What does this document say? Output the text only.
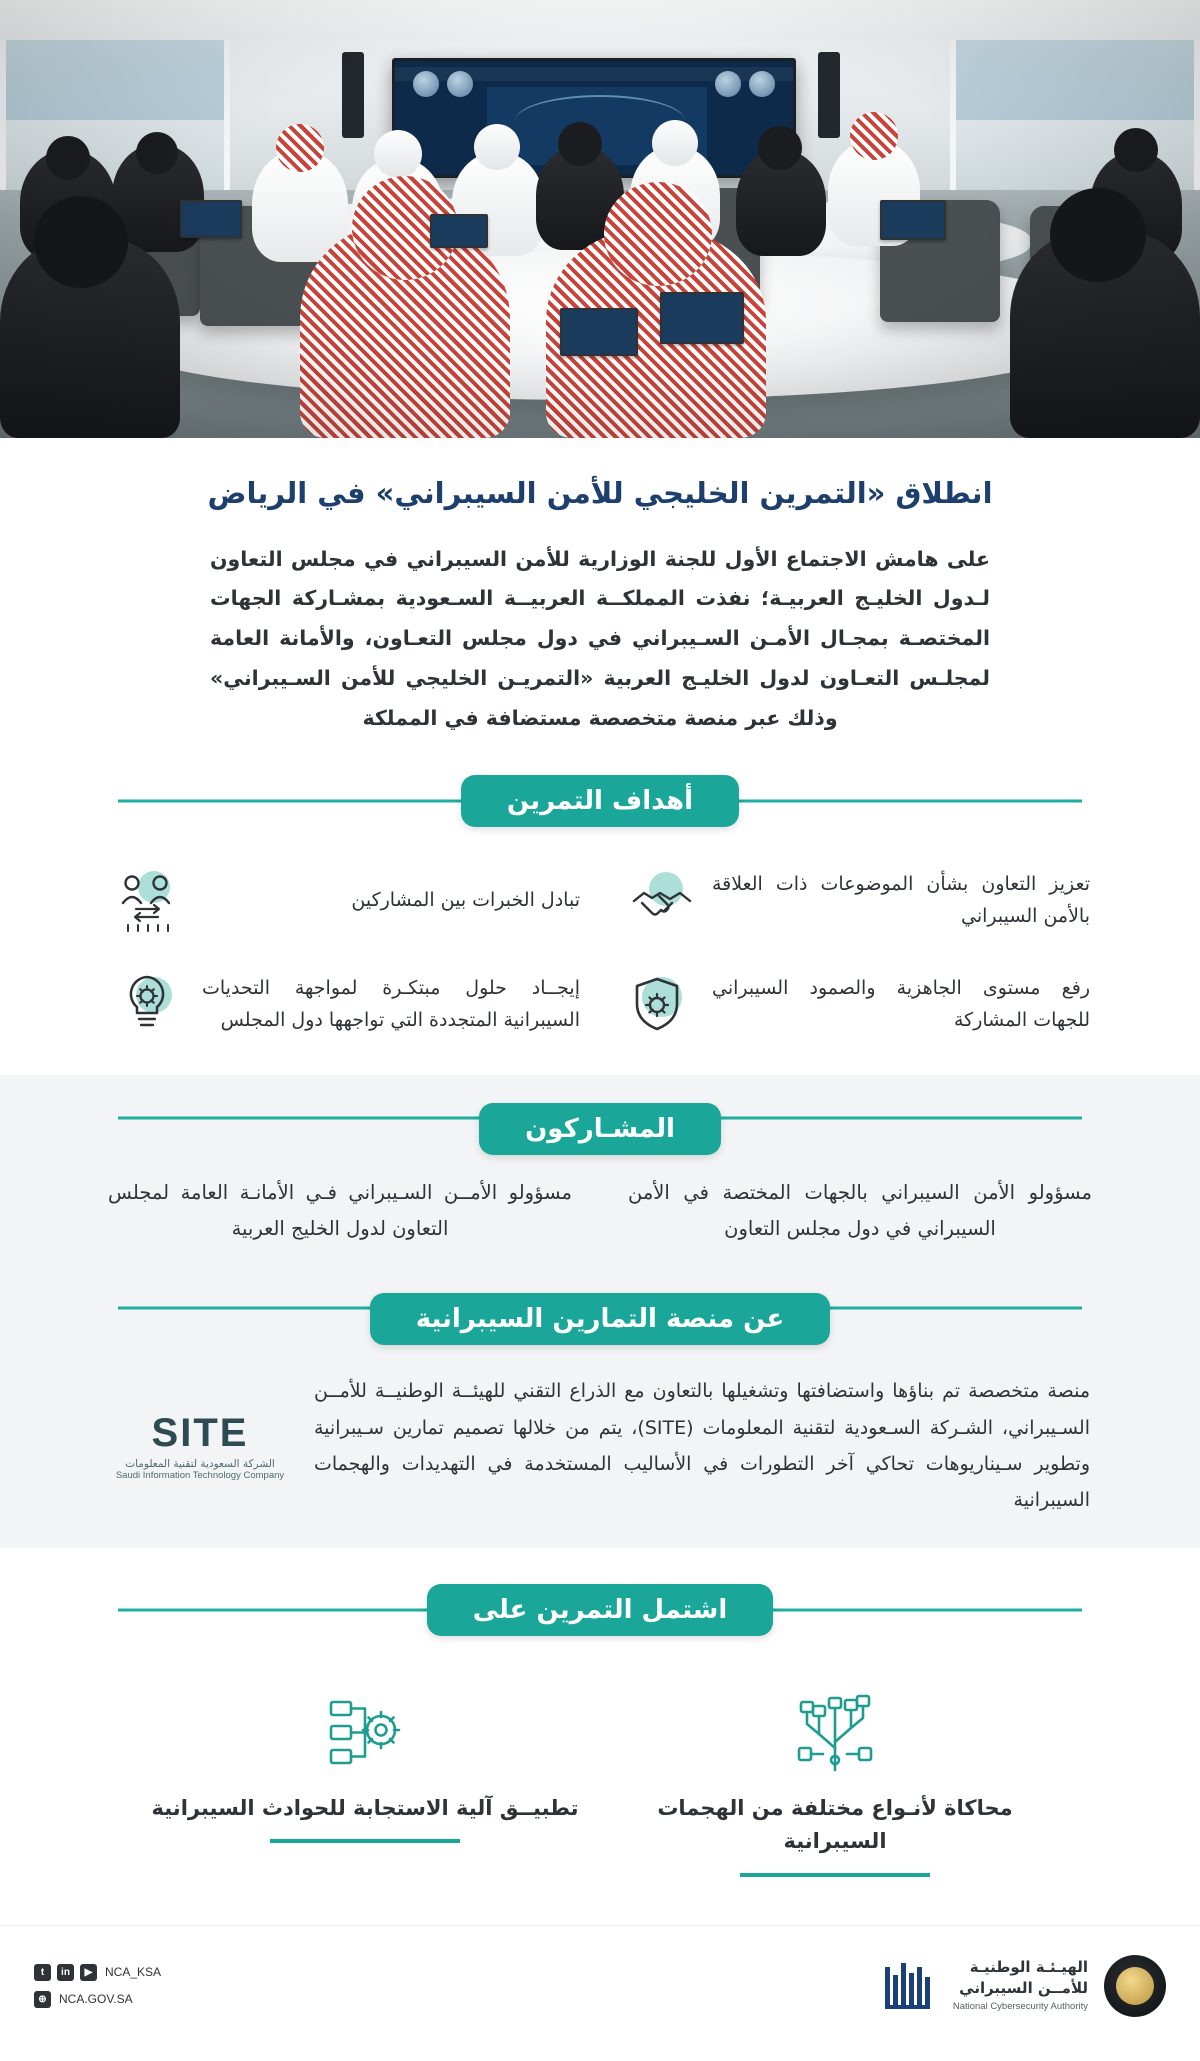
انطلاق «التمرين الخليجي للأمن السيبراني» في الرياض

على هامش الاجتماع الأول للجنة الوزارية للأمن السيبراني في مجلس التعاون لـدول الخليـج العربيـة؛ نفذت المملكــة العربيــة السـعودية بمشـاركة الجهات المختصـة بمجـال الأمـن السـيبراني في دول مجلس التعـاون، والأمانة العامة لمجلـس التعـاون لدول الخليـج العربية «التمريـن الخليجي للأمن السـيبراني» وذلك عبر منصة متخصصة مستضافة في المملكة

أهداف التمرين
تعزيز التعاون بشأن الموضوعات ذات العلاقة بالأمن السيبراني
تبادل الخبرات بين المشاركين
رفع مستوى الجاهزية والصمود السيبراني للجهات المشاركة
إيجــاد حلول مبتكـرة لمواجهة التحديات السيبرانية المتجددة التي تواجهها دول المجلس
المشـاركون
مسؤولو الأمن السيبراني بالجهات المختصة في الأمن السيبراني في دول مجلس التعاون
مسؤولو الأمــن السـيبراني فـي الأمانـة العامة لمجلس التعاون لدول الخليج العربية
عن منصة التمارين السيبرانية
منصة متخصصة تم بناؤها واستضافتها وتشغيلها بالتعاون مع الذراع التقني للهيئــة الوطنيــة للأمــن السـيبراني، الشـركة السـعودية لتقنية المعلومات (SITE)، يتم من خلالها تصميم تمارين سـيبرانية وتطوير سـيناريوهات تحاكي آخر التطورات في الأساليب المستخدمة في التهديدات والهجمات السيبرانية
SITE
الشركة السعودية لتقنية المعلومات
Saudi Information Technology Company
اشتمل التمرين على
محاكاة لأنـواع مختلفة من الهجمات السيبرانية
تطبيــق آلية الاستجابة للحوادث السيبرانية
t	in	▶	NCA_KSA
⊕	NCA.GOV.SA
الهيـئـة الوطنيـة
للأمــن السيبراني
National Cybersecurity Authority
